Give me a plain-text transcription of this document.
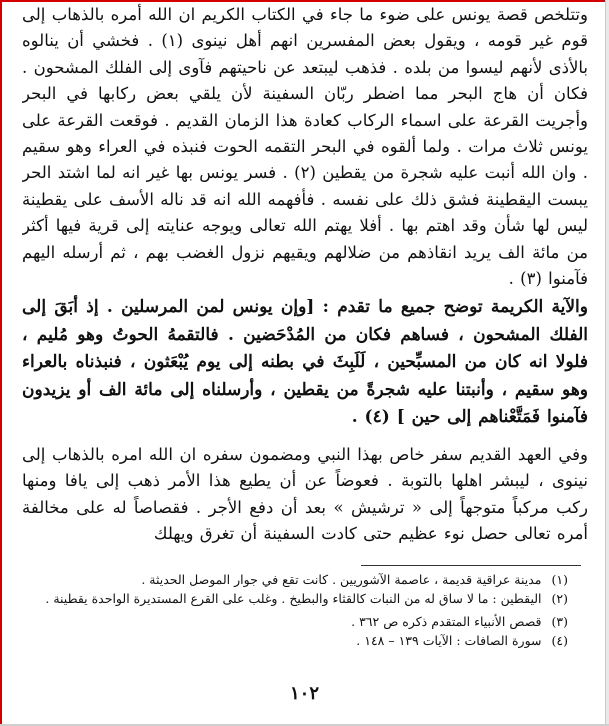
وتتلخص قصة يونس على ضوء ما جاء في الكتاب الكريم ان الله أمره بالذهاب إلى قوم غير قومه ، ويقول بعض المفسرين انهم أهل نينوى (١) . فخشي أن ينالوه بالأذى لأنهم ليسوا من بلده . فذهب ليبتعد عن ناحيتهم فآوى إلى الفلك المشحون . فكان أن هاج البحر مما اضطر ربّان السفينة لأن يلقي بعض ركابها في البحر وأجريت القرعة على اسماء الركاب كعادة هذا الزمان القديم . فوقعت القرعة على يونس ثلاث مرات . ولما ألقوه في البحر التقمه الحوت فنبذه في العراء وهو سقيم . وان الله أنبت عليه شجرة من يقطين (٢) . فسر يونس بها غير انه لما اشتد الحر يبست اليقطينة فشق ذلك على نفسه . فأفهمه الله انه قد ناله الأسف على يقطينة ليس لها شأن وقد اهتم بها . أفلا يهتم الله تعالى ويوجه عنايته إلى قرية فيها أكثر من مائة الف يريد انقاذهم من ضلالهم ويقيهم نزول الغضب بهم ، ثم أرسله اليهم فآمنوا (٣) .

والآية الكريمة توضح جميع ما تقدم : [وإن يونس لمن المرسلين . إذ أبَقَ إلى الفلك المشحون ، فساهم فكان من المُدْحَضين . فالتقمهُ الحوتُ وهو مُليم ، فلولا انه كان من المسبِّحين ، لَلَبِثَ في بطنه إلى يوم يُبْعَثون ، فنبذناه بالعراء وهو سقيم ، وأنبتنا عليه شجرةً من يقطين ، وأرسلناه إلى مائة الف أو يزيدون فآمنوا فَمَتَّعْناهم إلى حين ] (٤) .

وفي العهد القديم سفر خاص بهذا النبي ومضمون سفره ان الله امره بالذهاب إلى نينوى ، ليبشر اهلها بالتوبة . فعوضاً عن أن يطيع هذا الأمر ذهب إلى يافا ومنها ركب مركباً متوجهاً إلى « ترشيش » بعد أن دفع الأجر . فقصاصاً له على مخالفة أمره تعالى حصل نوء عظيم حتى كادت السفينة أن تغرق ويهلك

(١) مدينة عراقية قديمة ، عاصمة الآشوريين . كانت تقع في جوار الموصل الحديثة .

(٢) اليقطين : ما لا ساق له من النبات كالقثاء والبطيخ . وغلب على القرع المستديرة الواحدة يقطينة .

(٣) قصص الأنبياء المتقدم ذكره ص ٣٦٢ .

(٤) سورة الصافات : الآيات ١٣٩ – ١٤٨ .

١٠٢
